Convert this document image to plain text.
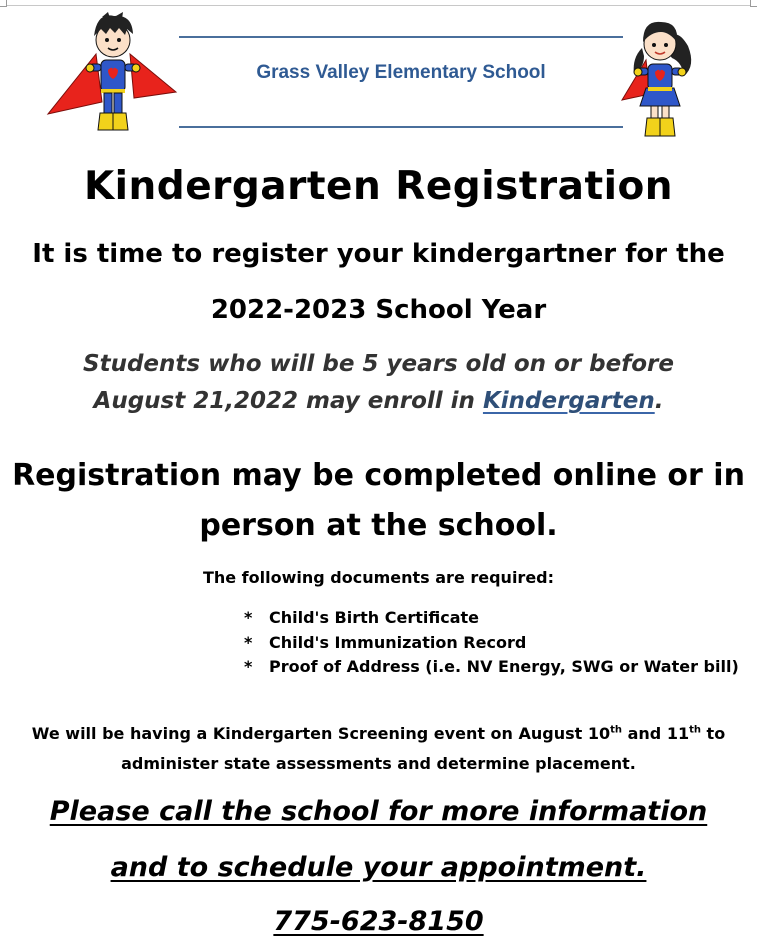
Grass Valley Elementary School
Kindergarten Registration
It is time to register your kindergartner for the
2022-2023 School Year
Students who will be 5 years old on or before
August 21,2022 may enroll in Kindergarten.
Registration may be completed online or in
person at the school.
The following documents are required:
* Child's Birth Certificate
* Child's Immunization Record
* Proof of Address (i.e. NV Energy, SWG or Water bill)
We will be having a Kindergarten Screening event on August 10th and 11th to
administer state assessments and determine placement.
Please call the school for more information
and to schedule your appointment.
775-623-8150
